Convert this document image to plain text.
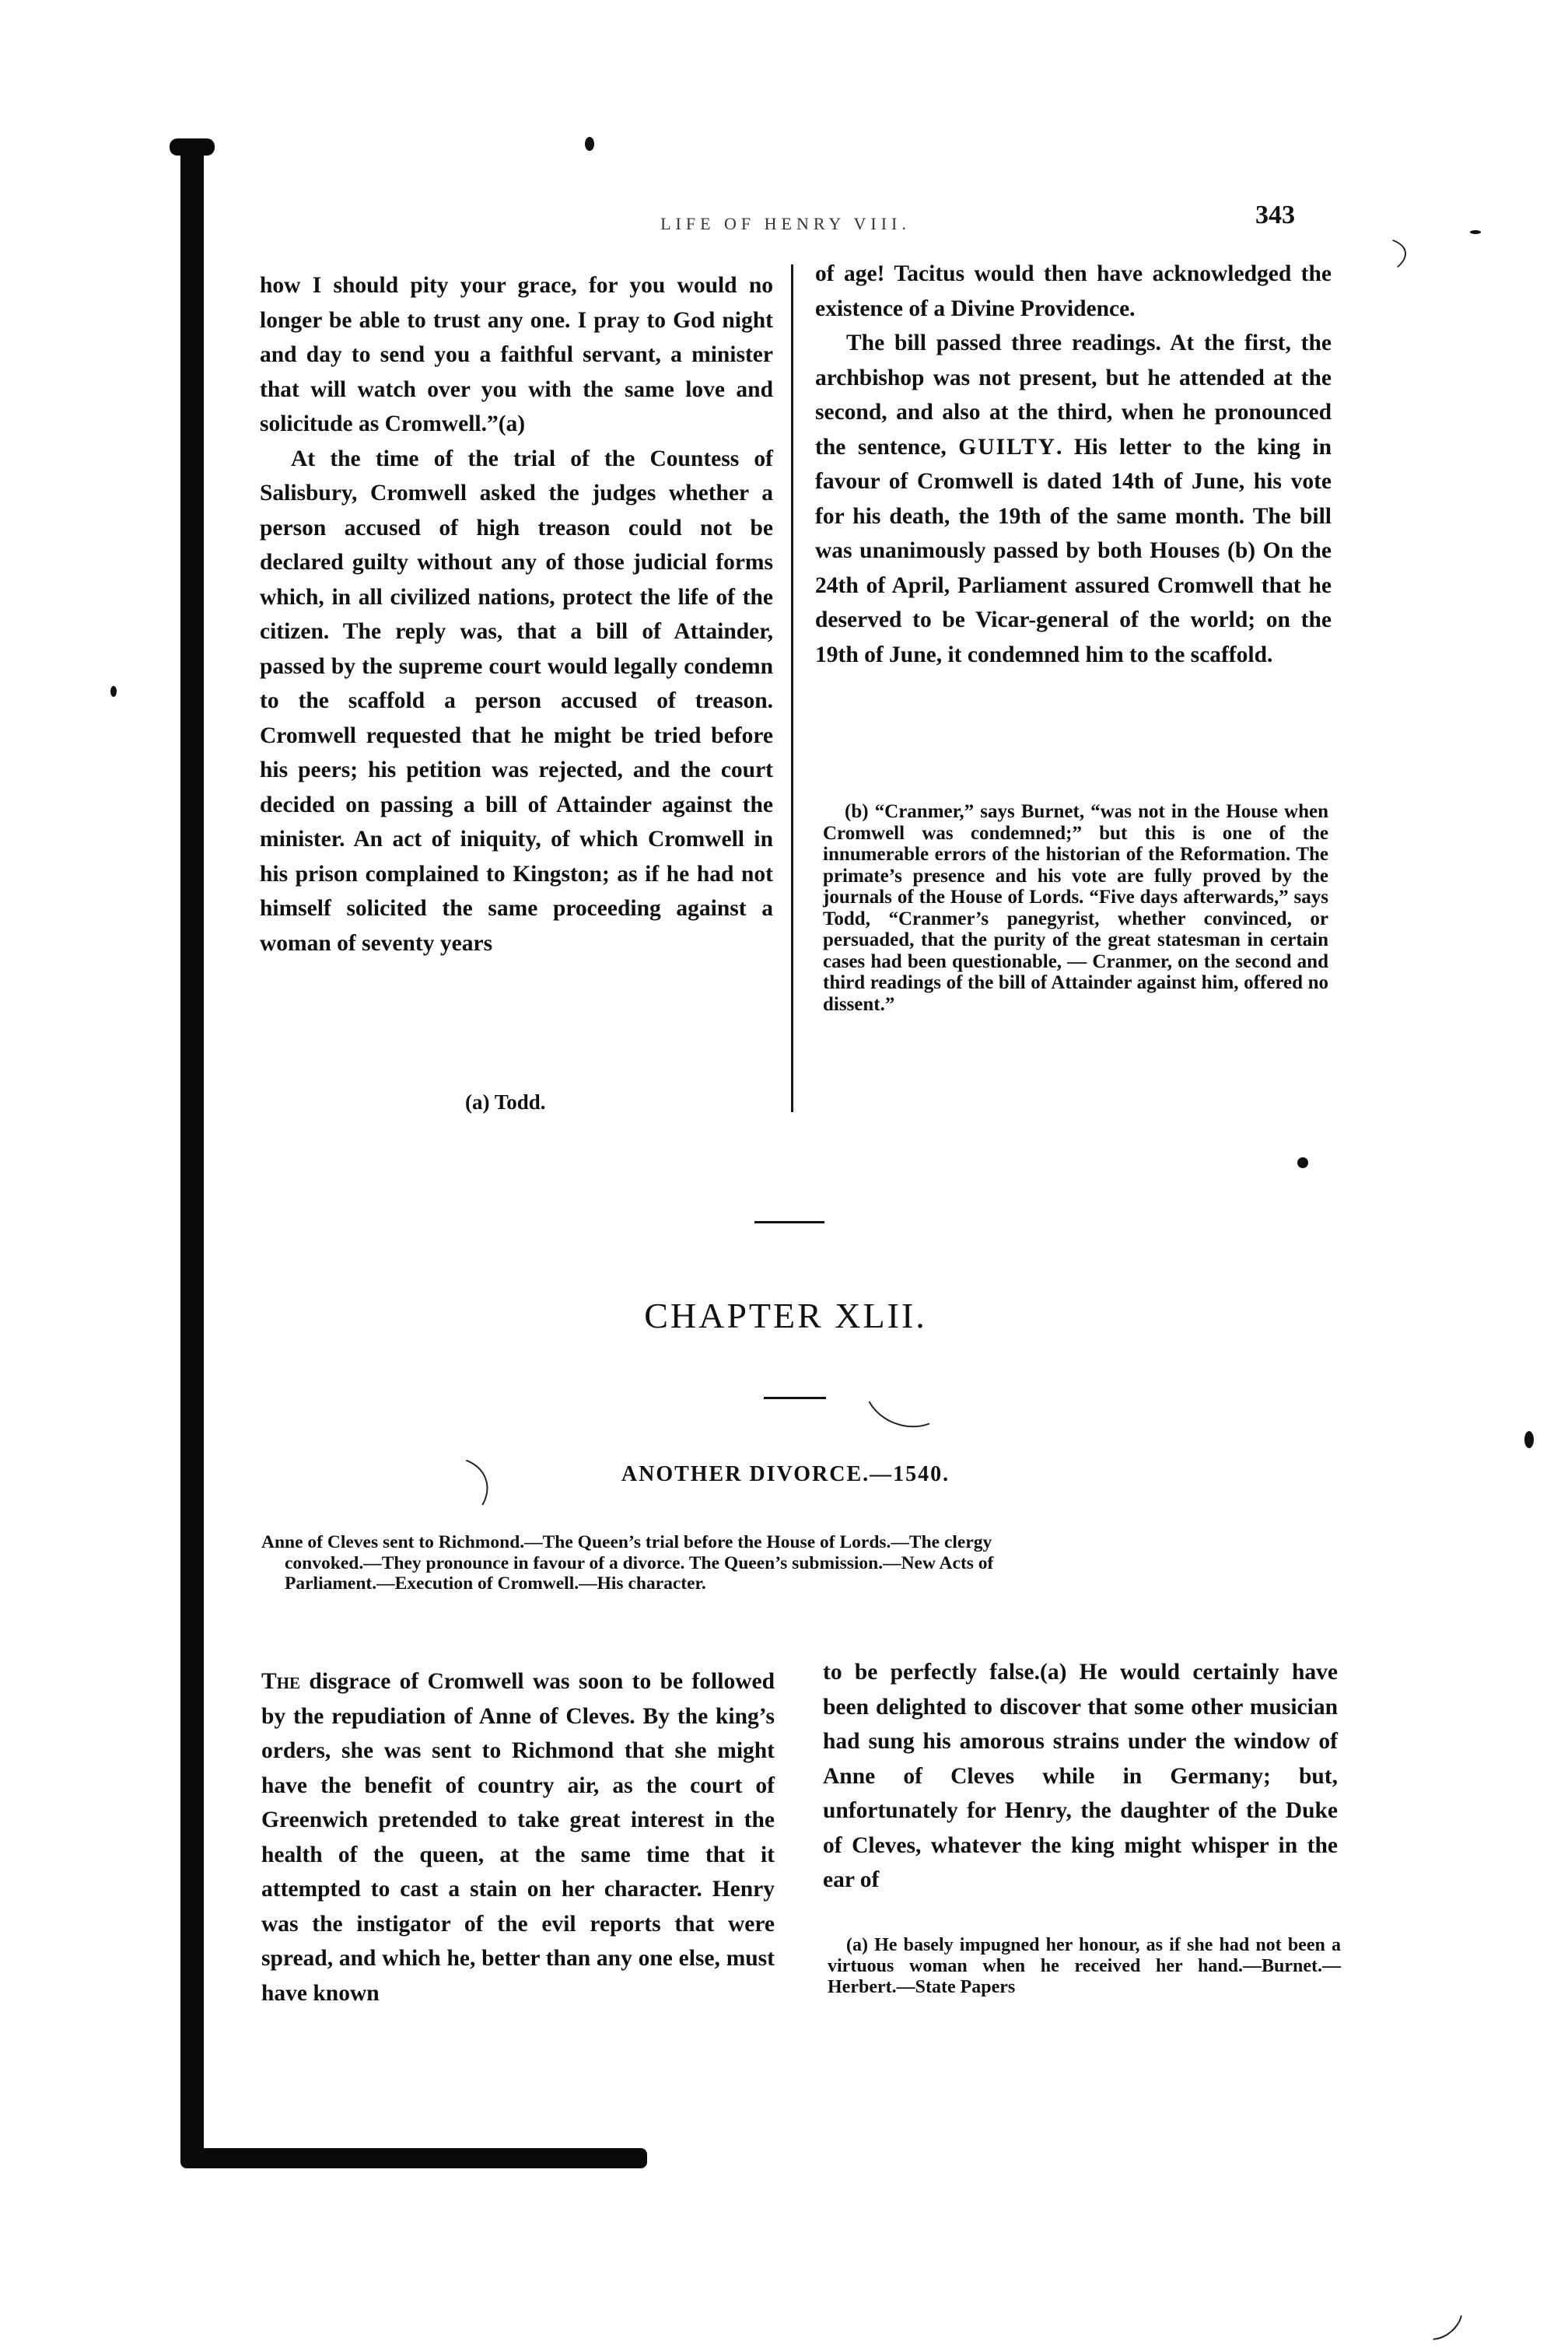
LIFE OF HENRY VIII.	343

how I should pity your grace, for you would no longer be able to trust any one. I pray to God night and day to send you a faithful servant, a minister that will watch over you with the same love and solicitude as Cromwell.”(a)

At the time of the trial of the Countess of Salisbury, Cromwell asked the judges whether a person accused of high treason could not be declared guilty without any of those judicial forms which, in all civilized nations, protect the life of the citizen. The reply was, that a bill of Attainder, passed by the supreme court would legally condemn to the scaffold a person accused of treason. Cromwell requested that he might be tried before his peers; his petition was rejected, and the court decided on passing a bill of Attainder against the minister. An act of iniquity, of which Cromwell in his prison complained to Kingston; as if he had not himself solicited the same proceeding against a woman of seventy years

(a) Todd.

of age! Tacitus would then have acknowledged the existence of a Divine Providence.

The bill passed three readings. At the first, the archbishop was not present, but he attended at the second, and also at the third, when he pronounced the sentence, GUILTY. His letter to the king in favour of Cromwell is dated 14th of June, his vote for his death, the 19th of the same month. The bill was unanimously passed by both Houses (b) On the 24th of April, Parliament assured Cromwell that he deserved to be Vicar-general of the world; on the 19th of June, it condemned him to the scaffold.

(b) “Cranmer,” says Burnet, “was not in the House when Cromwell was condemned;” but this is one of the innumerable errors of the historian of the Reformation. The primate’s presence and his vote are fully proved by the journals of the House of Lords. “Five days afterwards,” says Todd, “Cranmer’s panegyrist, whether convinced, or persuaded, that the purity of the great statesman in certain cases had been questionable, — Cranmer, on the second and third readings of the bill of Attainder against him, offered no dissent.”

CHAPTER XLII.
ANOTHER DIVORCE.—1540.
Anne of Cleves sent to Richmond.—The Queen’s trial before the House of Lords.—The clergy
convoked.—They pronounce in favour of a divorce. The Queen’s submission.—New Acts of
Parliament.—Execution of Cromwell.—His character.

The disgrace of Cromwell was soon to be followed by the repudiation of Anne of Cleves. By the king’s orders, she was sent to Richmond that she might have the benefit of country air, as the court of Greenwich pretended to take great interest in the health of the queen, at the same time that it attempted to cast a stain on her character. Henry was the instigator of the evil reports that were spread, and which he, better than any one else, must have known

to be perfectly false.(a) He would certainly have been delighted to discover that some other musician had sung his amorous strains under the window of Anne of Cleves while in Germany; but, unfortunately for Henry, the daughter of the Duke of Cleves, whatever the king might whisper in the ear of

(a) He basely impugned her honour, as if she had not been a virtuous woman when he received her hand.—Burnet.—Herbert.—State Papers
